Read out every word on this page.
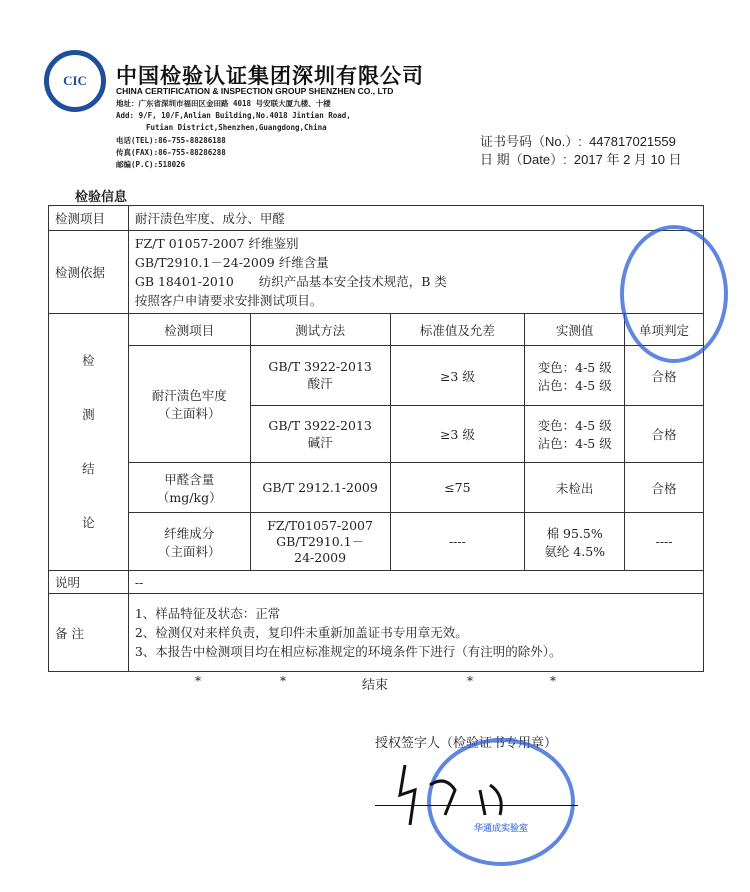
CIC 中国检验认证集团深圳有限公司
CHINA CERTIFICATION & INSPECTION GROUP SHENZHEN CO., LTD
地址：广东省深圳市福田区金田路 4018 号安联大厦九楼、十楼
Add: 9/F, 10/F,Anlian Building,No.4018 Jintian Road,
Futian District,Shenzhen,Guangdong,China
电话(TEL):86-755-88286188
传真(FAX):86-755-88286288
邮编(P.C):518026
证书号码（No.）: 447817021559
日 期（Date）: 2017 年 2 月 10 日
检验信息
检测项目	耐汗渍色牢度、成分、甲醛				
检测依据	FZ/T 01057-2007 纤维鉴别
GB/T2910.1－24-2009 纤维含量
GB 18401-2010　　纺织产品基本安全技术规范，B 类
按照客户申请要求安排测试项目。				

检
测
结
论	检测项目	测试方法	标准值及允差	实测值	单项判定
	耐汗渍色牢度
（主面料）	GB/T 3922-2013
酸汗	≥3 级	变色：4-5 级
沾色：4-5 级	合格
		GB/T 3922-2013
碱汗	≥3 级	变色：4-5 级
沾色：4-5 级	合格
	甲醛含量
（mg/kg）	GB/T 2912.1-2009	≤75	未检出	合格
	纤维成分
（主面料）	FZ/T01057-2007
GB/T2910.1－
24-2009	----	棉 95.5%
氨纶 4.5%	----
说明	--				
备 注	1、样品特征及状态：正常
2、检测仅对来样负责，复印件未重新加盖证书专用章无效。
3、本报告中检测项目均在相应标准规定的环境条件下进行（有注明的除外）。				
*	*	结束	*	*
授权签字人（检验证书专用章）
华通成实验室
